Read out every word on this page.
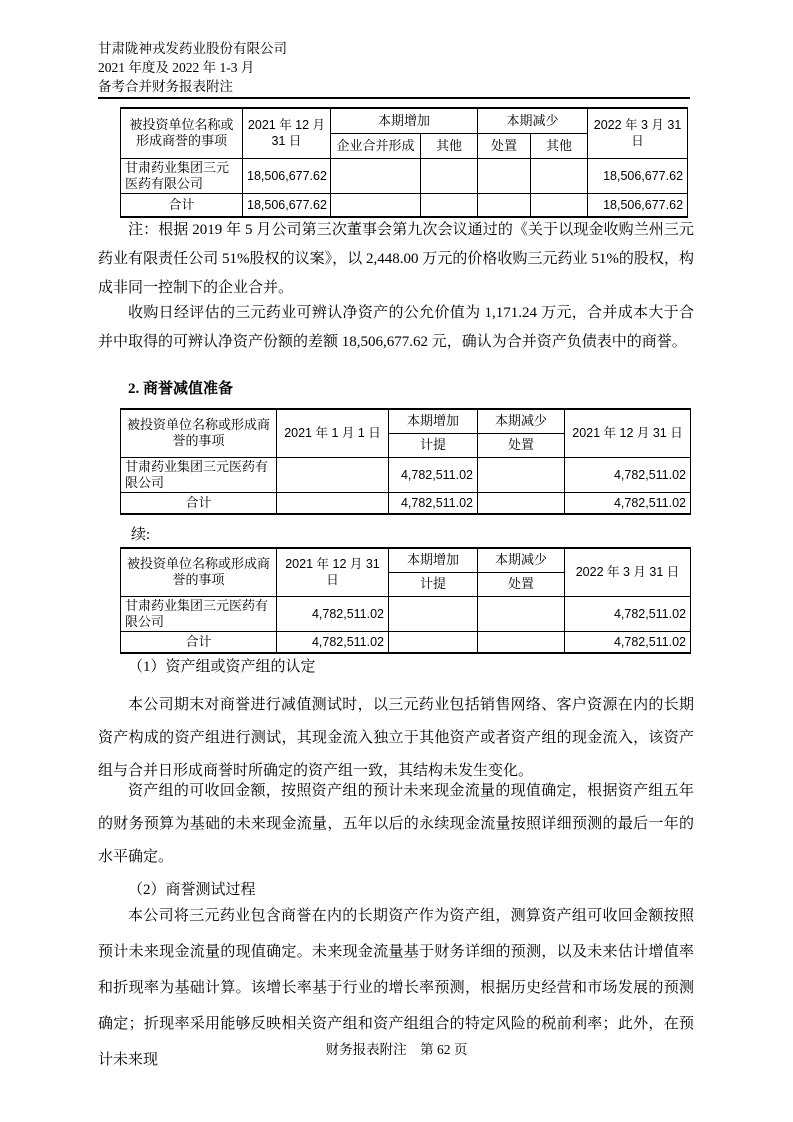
甘肃陇神戎发药业股份有限公司
2021 年度及 2022 年 1-3 月
备考合并财务报表附注
被投资单位名称或形成商誉的事项	2021 年 12 月 31 日	本期增加		本期减少		2022 年 3 月 31 日
		企业合并形成	其他	处置	其他	
甘肃药业集团三元医药有限公司	18,506,677.62					18,506,677.62
合计	18,506,677.62					18,506,677.62

注：根据 2019 年 5 月公司第三次董事会第九次会议通过的《关于以现金收购兰州三元药业有限责任公司 51%股权的议案》，以 2,448.00 万元的价格收购三元药业 51%的股权，构成非同一控制下的企业合并。

收购日经评估的三元药业可辨认净资产的公允价值为 1,171.24 万元，合并成本大于合并中取得的可辨认净资产份额的差额 18,506,677.62 元，确认为合并资产负债表中的商誉。

2. 商誉减值准备

被投资单位名称或形成商誉的事项	2021 年 1 月 1 日	本期增加	本期减少	2021 年 12 月 31 日
		计提	处置	
甘肃药业集团三元医药有限公司		4,782,511.02		4,782,511.02
合计		4,782,511.02		4,782,511.02
续:
被投资单位名称或形成商誉的事项	2021 年 12 月 31 日	本期增加	本期减少	2022 年 3 月 31 日
		计提	处置	
甘肃药业集团三元医药有限公司	4,782,511.02			4,782,511.02
合计	4,782,511.02			4,782,511.02

（1）资产组或资产组的认定

本公司期末对商誉进行减值测试时，以三元药业包括销售网络、客户资源在内的长期资产构成的资产组进行测试，其现金流入独立于其他资产或者资产组的现金流入，该资产组与合并日形成商誉时所确定的资产组一致，其结构未发生变化。

资产组的可收回金额，按照资产组的预计未来现金流量的现值确定，根据资产组五年的财务预算为基础的未来现金流量，五年以后的永续现金流量按照详细预测的最后一年的水平确定。

（2）商誉测试过程

本公司将三元药业包含商誉在内的长期资产作为资产组，测算资产组可收回金额按照预计未来现金流量的现值确定。未来现金流量基于财务详细的预测，以及未来估计增值率和折现率为基础计算。该增长率基于行业的增长率预测，根据历史经营和市场发展的预测确定；折现率采用能够反映相关资产组和资产组组合的特定风险的税前利率；此外，在预计未来现

财务报表附注　第 62 页
